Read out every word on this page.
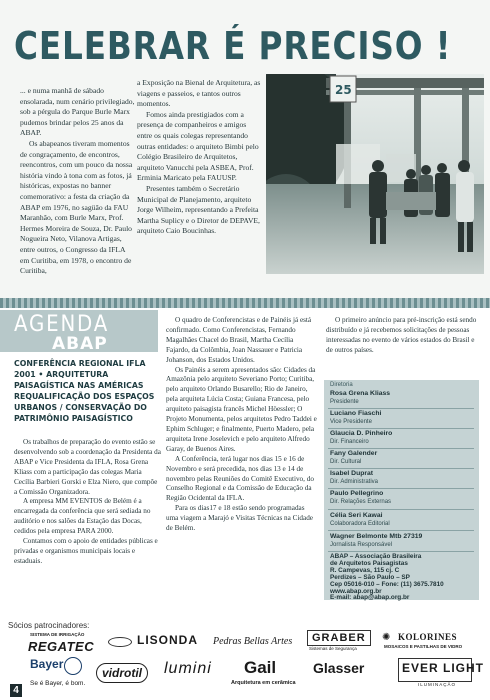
CELEBRAR É PRECISO !

... e numa manhã de sábado ensolarada, num cenário privilegiado, sob a pérgula do Parque Burle Marx pudemos brindar pelos 25 anos da ABAP.

Os abapeanos tiveram momentos de congraçamento, de encontros, reencontros, com um pouco da nossa história vindo à tona com as fotos, já históricas, expostas no banner comemorativo: a festa da criação da ABAP em 1976, no sagüão da FAU Maranhão, com Burle Marx, Prof. Hermes Moreira de Souza, Dr. Paulo Nogueira Neto, Vilanova Artigas, entre outros, o Congresso da IFLA em Curitiba, em 1978, o encontro de Curitiba,

a Exposição na Bienal de Arquitetura, as viagens e passeios, e tantos outros momentos.

Fomos ainda prestigiados com a presença de companheiros e amigos entre os quais colegas representando outras entidades: o arquiteto Bimbi pelo Colégio Brasileiro de Arquitetos, arquiteto Vanucchi pela ASBEA, Prof. Erminia Maricato pela FAUUSP.

Presentes também o Secretário Municipal de Planejamento, arquiteto Jorge Wilheim, representando a Prefeita Martha Suplicy e o Diretor de DEPAVE, arquiteto Caio Boucinhas.

25
AGENDA
ABAP
CONFERÊNCIA REGIONAL IFLA 2001 • ARQUITETURA PAISAGÍSTICA NAS AMÉRICAS REQUALIFICAÇÃO DOS ESPAÇOS URBANOS / CONSERVAÇÃO DO PATRIMÔNIO PAISAGÍSTICO

Os trabalhos de preparação do evento estão se desenvolvendo sob a coordenação da Presidenta da ABAP e Vice Presidenta da IFLA, Rosa Grena Kliass com a participação das colegas Maria Cecília Barbieri Gorski e Elza Niero, que compõe a Comissão Organizadora.

A empresa MM EVENTOS de Belém é a encarregada da conferência que será sediada no auditório e nos salões da Estação das Docas, cedidos pela empresa PARA 2000.

Contamos com o apoio de entidades públicas e privadas e organismos municipais locais e estaduais.

O quadro de Conferencistas e de Painéis já está confirmado. Como Conferencistas, Fernando Magalhães Chacel do Brasil, Martha Cecília Fajardo, da Colômbia, Joan Nassauer e Patricia Johanson, dos Estados Unidos.

Os Painéis a serem apresentados são: Cidades da Amazônia pelo arquiteto Severiano Porto; Curitiba, pelo arquiteto Orlando Busarello; Rio de Janeiro, pela arquiteta Lúcia Costa; Guiana Francesa, pelo arquiteto paisagista francês Michel Höessler; O Projeto Monumenta, pelos arquitetos Pedro Taddei e Ephim Schluger; e finalmente, Puerto Madero, pela arquiteta Irene Joselevich e pelo arquiteto Alfredo Garay, de Buenos Aires.

A Conferência, terá lugar nos dias 15 e 16 de Novembro e será precedida, nos dias 13 e 14 de novembro pelas Reuniões do Comitê Executivo, do Conselho Regional e da Comissão de Educação da Região Ocidental da IFLA.

Para os dias17 e 18 estão sendo programadas uma viagem a Marajó e Visitas Técnicas na Cidade de Belém.

O primeiro anúncio para pré-inscrição está sendo distribuído e já recebemos solicitações de pessoas interessadas no evento de vários estados do Brasil e de outros países.

Diretoria
Rosa Grena Kliass
Presidente
Luciano Fiaschi
Vice Presidente
Glaucia D. Pinheiro
Dir. Financeiro
Fany Galender
Dir. Cultural
Isabel Duprat
Dir. Administrativa
Paulo Pellegrino
Dir. Relações Externas
Célia Seri Kawai
Colaboradora Editorial
Wagner Belmonte Mtb 27319
Jornalista Responsável
ABAP – Associação Brasileira
de Arquitetos Paisagistas
R. Campevas, 115 cj. C
Perdizes – São Paulo – SP
Cep 05016-010 – Fone: (11) 3675.7810
www.abap.org.br
E-mail: abap@abap.org.br
Sócios patrocinadores:
SISTEMA DE IRRIGAÇÃO
REGATEC	LISONDA Pedras Bellas Artes	GRABER
Sistemas de Segurança
✺ KOLORINES
MOSAICOS E PASTILHAS DE VIDRO
4
Bayer
Se é Bayer, é bom.
vidrotil	lumini Gail
Arquitetura em cerâmica
Glasser	EVER LIGHT
ILUMINAÇÃO
